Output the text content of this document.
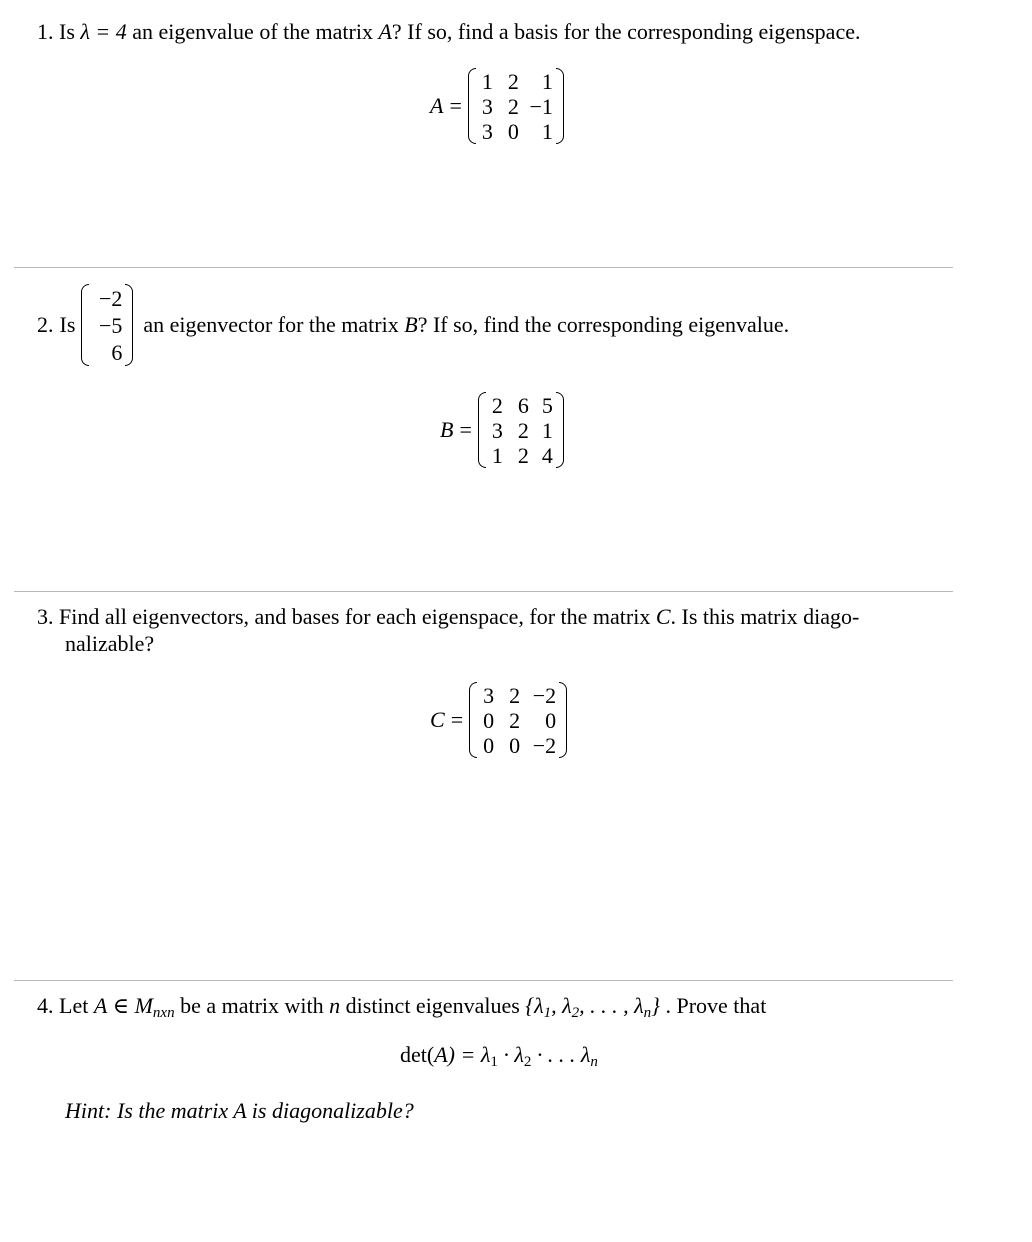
1. Is λ = 4 an eigenvalue of the matrix A? If so, find a basis for the corresponding eigenspace.
A =
1 2	1
3 2 −1
3 0	1
2. Is
−2
−5
6
an eigenvector for the matrix B? If so, find the corresponding eigenvalue.
B =
2 6 5
3 2 1
1 2 4
3. Find all eigenvectors, and bases for each eigenspace, for the matrix C. Is this matrix diago-
nalizable?
C =
3 2 −2
0 2	0
0 0 −2
4. Let A ∈ $M_{nxn}$ be a matrix with n distinct eigenvalues {$\lambda_1$, $\lambda_2$, . . . , $\lambda_n$} . Prove that
$\det(A) = \lambda_1 \cdot \lambda_2$ · . . . $\lambda_n$
Hint: Is the matrix A is diagonalizable?
